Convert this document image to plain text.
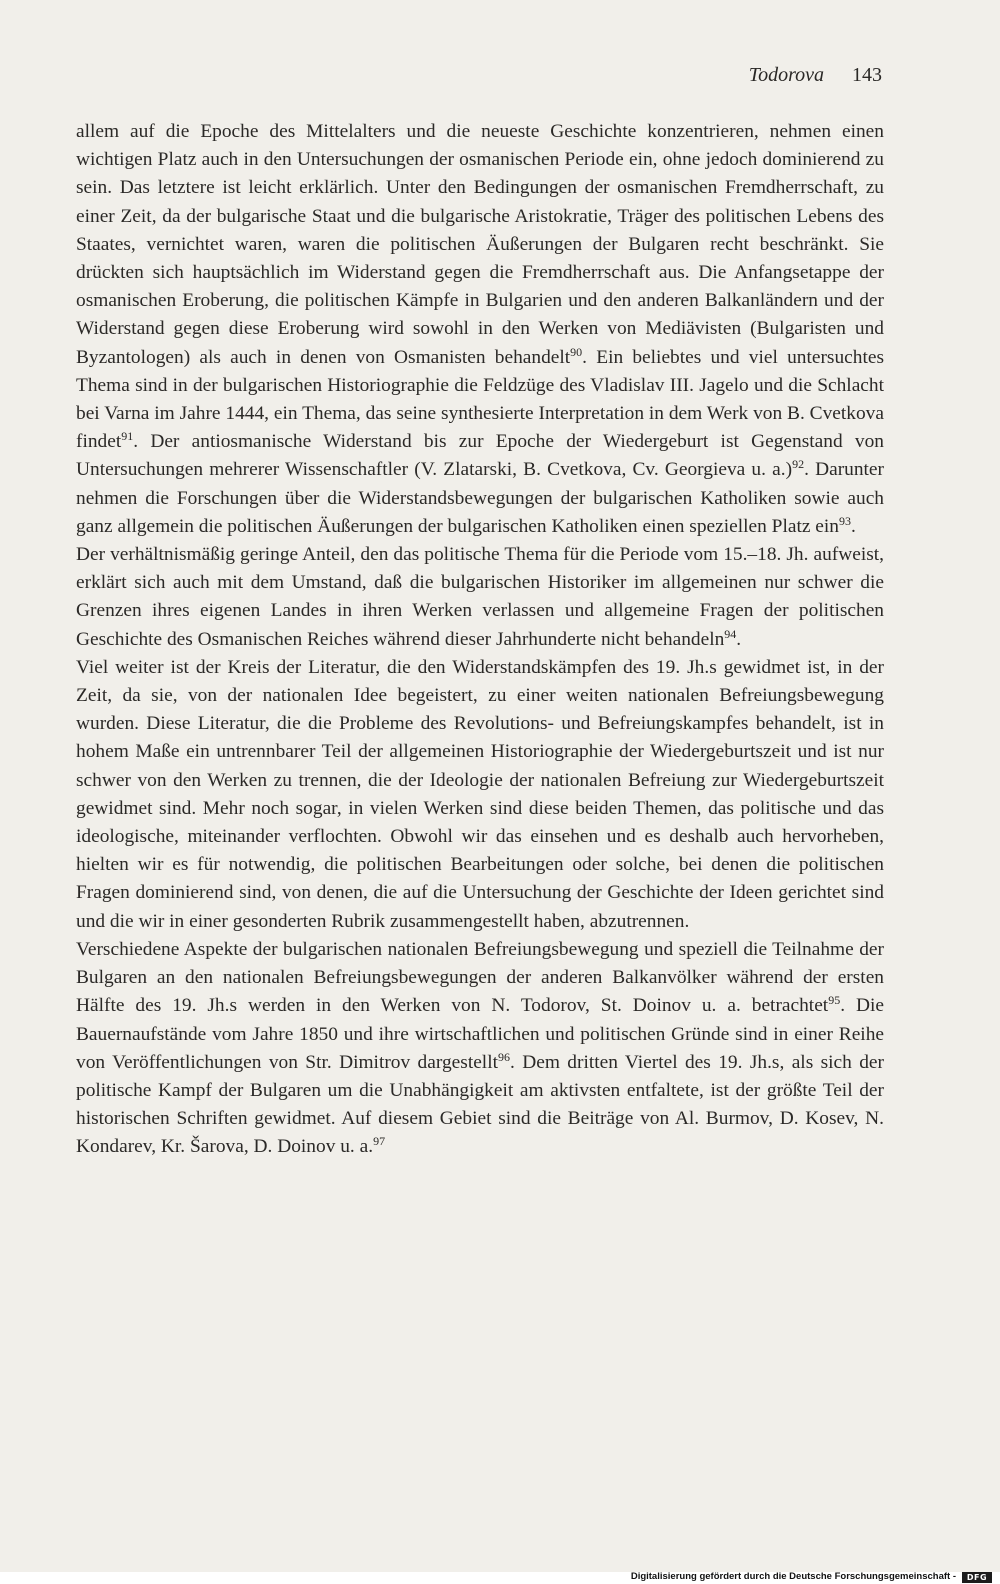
Todorova 143

allem auf die Epoche des Mittelalters und die neueste Geschichte konzentrieren, nehmen einen wichtigen Platz auch in den Untersuchungen der osmanischen Periode ein, ohne jedoch dominierend zu sein. Das letztere ist leicht erklärlich. Unter den Bedingungen der osmanischen Fremdherrschaft, zu einer Zeit, da der bulgarische Staat und die bulgarische Aristokratie, Träger des politischen Lebens des Staates, vernichtet waren, waren die politischen Äußerungen der Bulgaren recht beschränkt. Sie drückten sich hauptsächlich im Widerstand gegen die Fremdherrschaft aus. Die Anfangsetappe der osmanischen Eroberung, die politischen Kämpfe in Bulgarien und den anderen Balkanländern und der Widerstand gegen diese Eroberung wird sowohl in den Werken von Mediävisten (Bulgaristen und Byzantologen) als auch in denen von Osmanisten behandelt$^{90}$. Ein beliebtes und viel untersuchtes Thema sind in der bulgarischen Historiographie die Feldzüge des Vladislav III. Jagelo und die Schlacht bei Varna im Jahre 1444, ein Thema, das seine synthesierte Interpretation in dem Werk von B. Cvetkova findet$^{91}$. Der antiosmanische Widerstand bis zur Epoche der Wiedergeburt ist Gegenstand von Untersuchungen mehrerer Wissenschaftler (V. Zlatarski, B. Cvetkova, Cv. Georgieva u. a.)$^{92}$. Darunter nehmen die Forschungen über die Widerstandsbewegungen der bulgarischen Katholiken sowie auch ganz allgemein die politischen Äußerungen der bulgarischen Katholiken einen speziellen Platz ein$^{93}$.

Der verhältnismäßig geringe Anteil, den das politische Thema für die Periode vom 15.–18. Jh. aufweist, erklärt sich auch mit dem Umstand, daß die bulgarischen Historiker im allgemeinen nur schwer die Grenzen ihres eigenen Landes in ihren Werken verlassen und allgemeine Fragen der politischen Geschichte des Osmanischen Reiches während dieser Jahrhunderte nicht behandeln$^{94}$.

Viel weiter ist der Kreis der Literatur, die den Widerstandskämpfen des 19. Jh.s gewidmet ist, in der Zeit, da sie, von der nationalen Idee begeistert, zu einer weiten nationalen Befreiungsbewegung wurden. Diese Literatur, die die Probleme des Revolutions- und Befreiungskampfes behandelt, ist in hohem Maße ein untrennbarer Teil der allgemeinen Historiographie der Wiedergeburtszeit und ist nur schwer von den Werken zu trennen, die der Ideologie der nationalen Befreiung zur Wiedergeburtszeit gewidmet sind. Mehr noch sogar, in vielen Werken sind diese beiden Themen, das politische und das ideologische, miteinander verflochten. Obwohl wir das einsehen und es deshalb auch hervorheben, hielten wir es für notwendig, die politischen Bearbeitungen oder solche, bei denen die politischen Fragen dominierend sind, von denen, die auf die Untersuchung der Geschichte der Ideen gerichtet sind und die wir in einer gesonderten Rubrik zusammengestellt haben, abzutrennen.

Verschiedene Aspekte der bulgarischen nationalen Befreiungsbewegung und speziell die Teilnahme der Bulgaren an den nationalen Befreiungsbewegungen der anderen Balkanvölker während der ersten Hälfte des 19. Jh.s werden in den Werken von N. Todorov, St. Doinov u. a. betrachtet$^{95}$. Die Bauernaufstände vom Jahre 1850 und ihre wirtschaftlichen und politischen Gründe sind in einer Reihe von Veröffentlichungen von Str. Dimitrov dargestellt$^{96}$. Dem dritten Viertel des 19. Jh.s, als sich der politische Kampf der Bulgaren um die Unabhängigkeit am aktivsten entfaltete, ist der größte Teil der historischen Schriften gewidmet. Auf diesem Gebiet sind die Beiträge von Al. Burmov, D. Kosev, N. Kondarev, Kr. Šarova, D. Doinov u. a.$^{97}$

Digitalisierung gefördert durch die Deutsche Forschungsgemeinschaft -	DFG
